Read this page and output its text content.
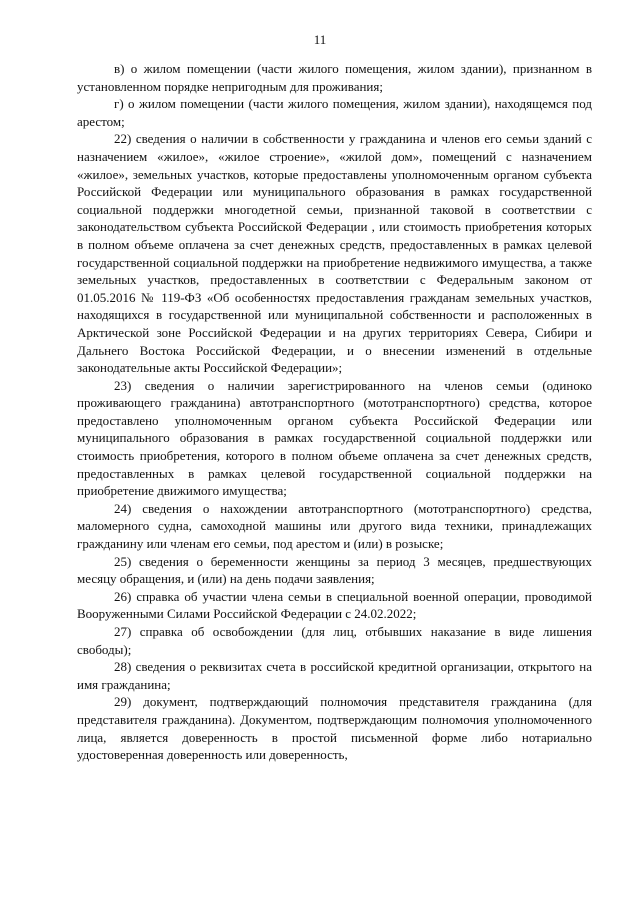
11

в) о жилом помещении (части жилого помещения, жилом здании), признанном в установленном порядке непригодным для проживания;

г) о жилом помещении (части жилого помещения, жилом здании), находящемся под арестом;

22) сведения о наличии в собственности у гражданина и членов его семьи зданий с назначением «жилое», «жилое строение», «жилой дом», помещений с назначением «жилое», земельных участков, которые предоставлены уполномоченным органом субъекта Российской Федерации или муниципального образования в рамках государственной социальной поддержки многодетной семьи, признанной таковой в соответствии с законодательством субъекта Российской Федерации , или стоимость приобретения которых в полном объеме оплачена за счет денежных средств, предоставленных в рамках целевой государственной социальной поддержки на приобретение недвижимого имущества, а также земельных участков, предоставленных в соответствии с Федеральным законом от 01.05.2016 № 119-ФЗ «Об особенностях предоставления гражданам земельных участков, находящихся в государственной или муниципальной собственности и расположенных в Арктической зоне Российской Федерации и на других территориях Севера, Сибири и Дальнего Востока Российской Федерации, и о внесении изменений в отдельные законодательные акты Российской Федерации»;

23) сведения о наличии зарегистрированного на членов семьи (одиноко проживающего гражданина) автотранспортного (мототранспортного) средства, которое предоставлено уполномоченным органом субъекта Российской Федерации или муниципального образования в рамках государственной социальной поддержки или стоимость приобретения, которого в полном объеме оплачена за счет денежных средств, предоставленных в рамках целевой государственной социальной поддержки на приобретение движимого имущества;

24) сведения о нахождении автотранспортного (мототранспортного) средства, маломерного судна, самоходной машины или другого вида техники, принадлежащих гражданину или членам его семьи, под арестом и (или) в розыске;

25) сведения о беременности женщины за период 3 месяцев, предшествующих месяцу обращения, и (или) на день подачи заявления;

26) справка об участии члена семьи в специальной военной операции, проводимой Вооруженными Силами Российской Федерации с 24.02.2022;

27) справка об освобождении (для лиц, отбывших наказание в виде лишения свободы);

28) сведения о реквизитах счета в российской кредитной организации, открытого на имя гражданина;

29) документ, подтверждающий полномочия представителя гражданина (для представителя гражданина). Документом, подтверждающим полномочия уполномоченного лица, является доверенность в простой письменной форме либо нотариально удостоверенная доверенность или доверенность,
